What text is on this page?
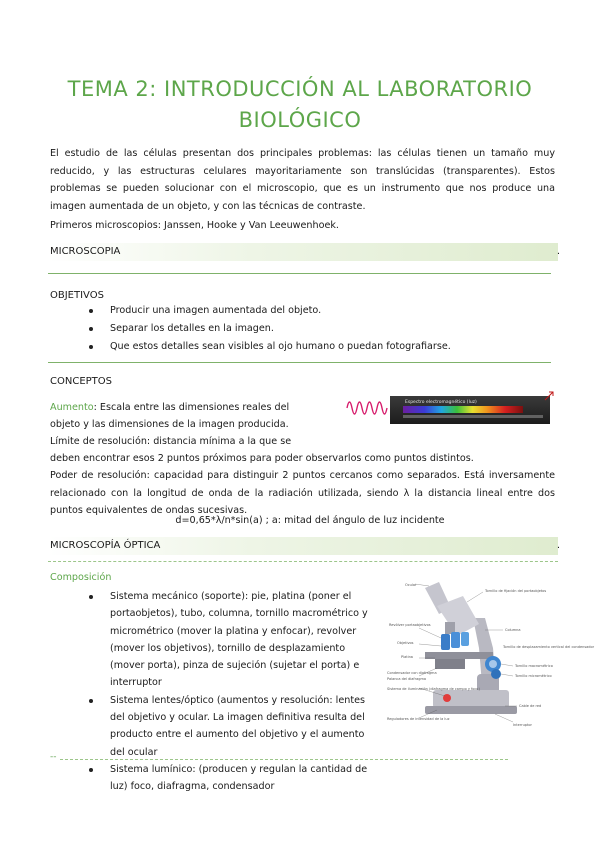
TEMA 2: INTRODUCCIÓN AL LABORATORIO
BIOLÓGICO
El estudio de las células presentan dos principales problemas: las células tienen un tamaño muy reducido, y las estructuras celulares mayoritariamente son translúcidas (transparentes). Estos problemas se pueden solucionar con el microscopio, que es un instrumento que nos produce una imagen aumentada de un objeto, y con las técnicas de contraste.
Primeros microscopios: Janssen, Hooke y Van Leeuwenhoek.
MICROSCOPIA	.
OBJETIVOS
Producir una imagen aumentada del objeto.
Separar los detalles en la imagen.
Que estos detalles sean visibles al ojo humano o puedan fotografiarse.
CONCEPTOS
Aumento: Escala entre las dimensiones reales del
objeto y las dimensiones de la imagen producida.
Límite de resolución: distancia mínima a la que se
deben encontrar esos 2 puntos próximos para poder observarlos como puntos distintos.
Poder de resolución: capacidad para distinguir 2 puntos cercanos como separados. Está inversamente relacionado con la longitud de onda de la radiación utilizada, siendo λ la distancia lineal entre dos puntos equivalentes de ondas sucesivas.
d=0,65*λ/n*sin(a) ; a: mitad del ángulo de luz incidente
Espectro electromagnético (luz)
MICROSCOPÍA ÓPTICA	.
Composición
Sistema mecánico (soporte): pie, platina (poner el portaobjetos), tubo, columna, tornillo macrométrico y micrométrico (mover la platina y enfocar), revolver (mover los objetivos), tornillo de desplazamiento (mover porta), pinza de sujeción (sujetar el porta) e interruptor
Sistema lentes/óptico (aumentos y resolución: lentes del objetivo y ocular. La imagen definitiva resulta del producto entre el aumento del objetivo y el aumento del ocular
Sistema lumínico: (producen y regulan la cantidad de luz) foco, diafragma, condensador
Ocular
Tornillo de fijación del portaobjetos
Revólver portaobjetivos
Columna
Objetivos
Platina
Tornillo de desplazamiento vertical del condensador
Tornillo macrométrico
Tornillo micrométrico
Condensador con diafragma
Palanca del diafragma
Sistema de iluminación (diafragma de campo y foco)
Cable de red
Reguladores de intensidad de la luz
Interruptor
--
